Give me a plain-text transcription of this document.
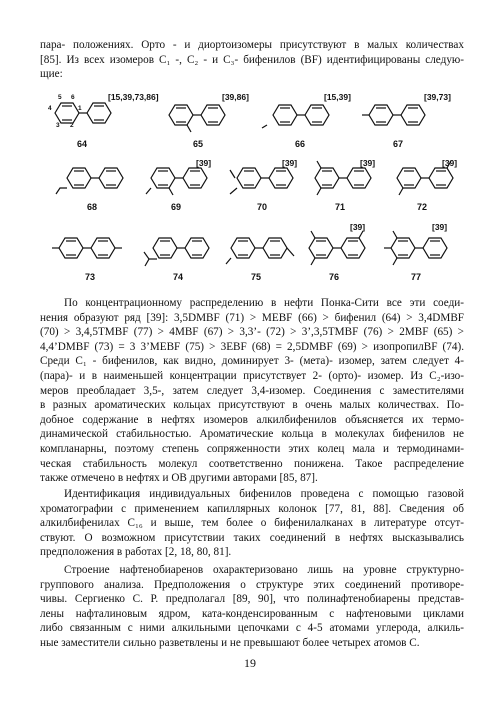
пара- положениях. Орто - и диортоизомеры присутствуют в малых количествах
[85]. Из всех изомеров C₁ -, C₂ - и C₃- бифенилов (BF) идентифицированы следую-
щие:
5 6
4	1
3 2
[15,39,73,86]
64
[39,86]
65
[15,39]
66
[39,73]
67
68
[39]
69
[39]
70
[39]
71
[39]
72
73	74	75
[39]
76
[39]
77
По концентрационному распределению в нефти Понка-Сити все эти соеди-
нения образуют ряд [39]: 3,5DMBF (71) > MEBF (66) > бифенил (64) > 3,4DMBF
(70) > 3,4,5TMBF (77) > 4MBF (67) > 3,3’- (72) > 3’,3,5TMBF (76) > 2MBF (65) >
4,4’DMBF (73) = 3 3’MEBF (75) > 3EBF (68) = 2,5DMBF (69) > изопропилBF (74).
Среди C₁ - бифенилов, как видно, доминирует 3- (мета)- изомер, затем следует 4-
(пара)- и в наименьшей концентрации присутствует 2- (орто)- изомер. Из C₂-изо-
меров преобладает 3,5-, затем следует 3,4-изомер. Соединения с заместителями
в разных ароматических кольцах присутствуют в очень малых количествах. По-
добное содержание в нефтях изомеров алкилбифенилов объясняется их термо-
динамической стабильностью. Ароматические кольца в молекулах бифенилов не
компланарны, поэтому степень сопряженности этих колец мала и термодинами-
ческая стабильность молекул соответственно понижена. Такое распределение
также отмечено в нефтях и ОВ другими авторами [85, 87].
Идентификация индивидуальных бифенилов проведена с помощью газовой
хроматографии с применением капиллярных колонок [77, 81, 88]. Сведения об
алкилбифенилах C₁₆ и выше, тем более о бифенилалканах в литературе отсут-
ствуют. О возможном присутствии таких соединений в нефтях высказывались
предположения в работах [2, 18, 80, 81].
Строение нафтенобиаренов охарактеризовано лишь на уровне структурно-
группового анализа. Предположения о структуре этих соединений противоре-
чивы. Сергиенко С. Р. предполагал [89, 90], что полинафтенобиарены представ-
лены нафталиновым ядром, ката-конденсированным с нафтеновыми циклами
либо связанным с ними алкильными цепочками с 4-5 атомами углерода, алкиль-
ные заместители сильно разветвлены и не превышают более четырех атомов C.
19
